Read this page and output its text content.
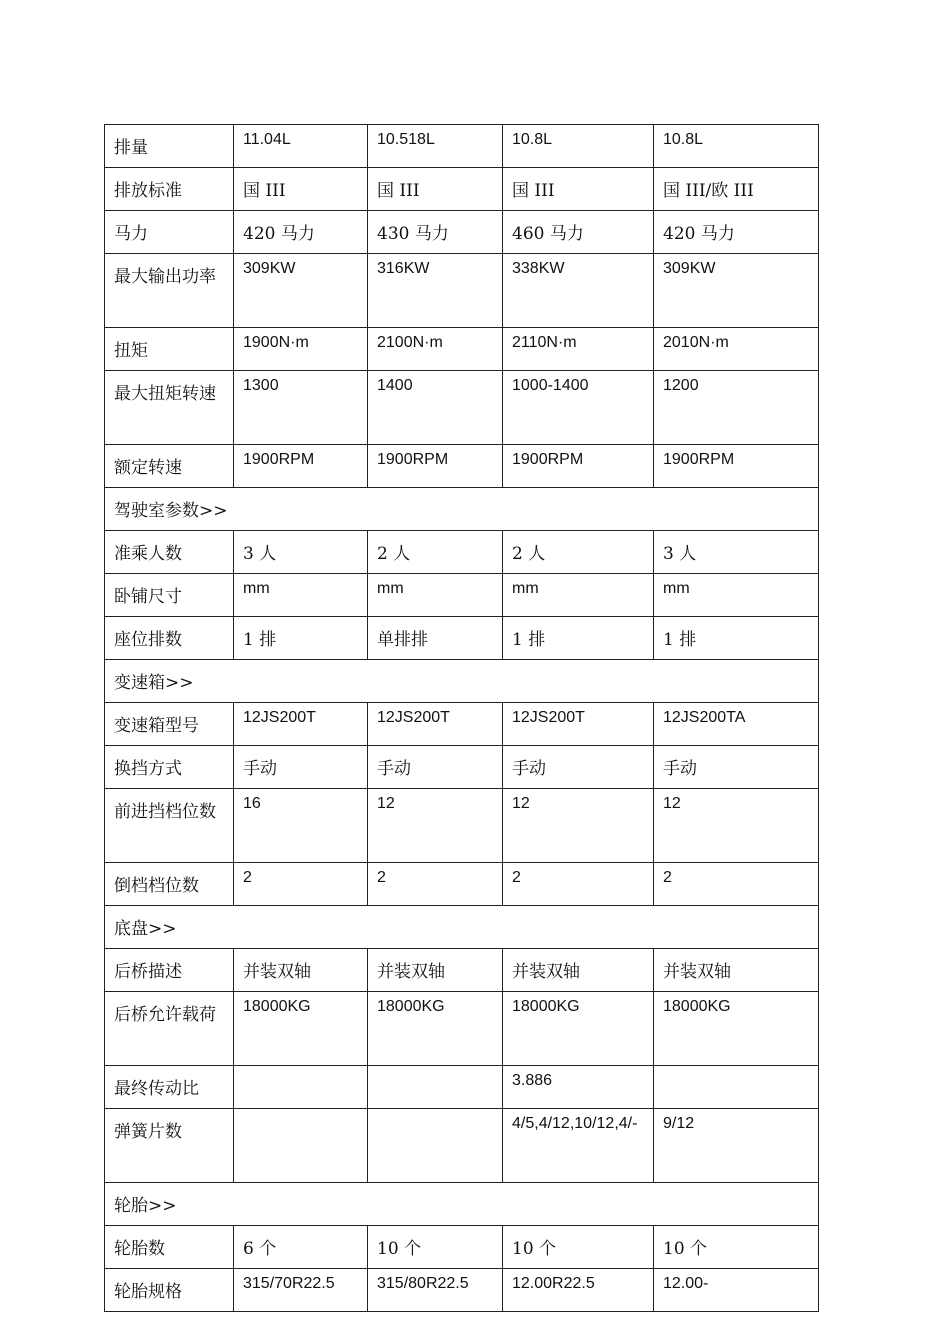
排量	11.04L	10.518L	10.8L	10.8L
排放标准	国 III	国 III	国 III	国 III/欧 III
马力	420 马力	430 马力	460 马力	420 马力
最大输出功率	309KW	316KW	338KW	309KW
扭矩	1900N·m	2100N·m	2110N·m	2010N·m
最大扭矩转速	1300	1400	1000-1400	1200
额定转速	1900RPM	1900RPM	1900RPM	1900RPM
驾驶室参数>>				
准乘人数	3 人	2 人	2 人	3 人
卧铺尺寸	mm	mm	mm	mm
座位排数	1 排	单排排	1 排	1 排
变速箱>>				
变速箱型号	12JS200T	12JS200T	12JS200T	12JS200TA
换挡方式	手动	手动	手动	手动
前进挡档位数	16	12	12	12
倒档档位数	2	2	2	2
底盘>>				
后桥描述	并装双轴	并装双轴	并装双轴	并装双轴
后桥允许载荷	18000KG	18000KG	18000KG	18000KG
最终传动比			3.886	
弹簧片数			4/5,4/12,10/12,4/-	9/12
轮胎>>				
轮胎数	6 个	10 个	10 个	10 个
轮胎规格	315/70R22.5	315/80R22.5	12.00R22.5	12.00-
